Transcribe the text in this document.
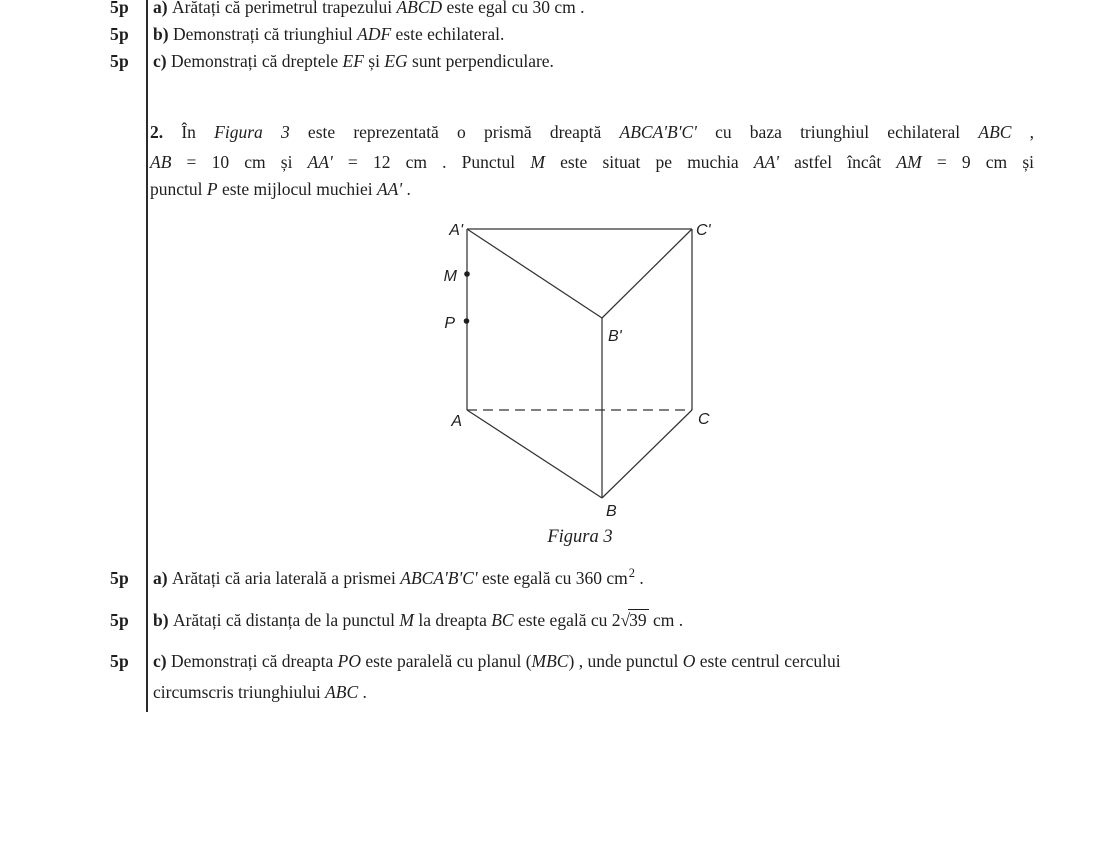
5p a) Arătați că perimetrul trapezului ABCD este egal cu 30 cm .
5p b) Demonstrați că triunghiul ADF este echilateral.
5p c) Demonstrați că dreptele EF și EG sunt perpendiculare.
2. În Figura 3 este reprezentată o prismă dreaptă ABCA'B'C' cu baza triunghiul echilateral ABC ,
AB = 10 cm și AA' = 12 cm . Punctul M este situat pe muchia AA' astfel încât AM = 9 cm și
punctul P este mijlocul muchiei AA' .
A'	C'
B'
M
P
A	C
B
Figura 3
5p a) Arătați că aria laterală a prismei ABCA'B'C' este egală cu 360 $cm^2$ .
5p b) Arătați că distanța de la punctul M la dreapta BC este egală cu 2√39 cm .
5p c) Demonstrați că dreapta PO este paralelă cu planul (MBC) , unde punctul O este centrul cercului
circumscris triunghiului ABC .
